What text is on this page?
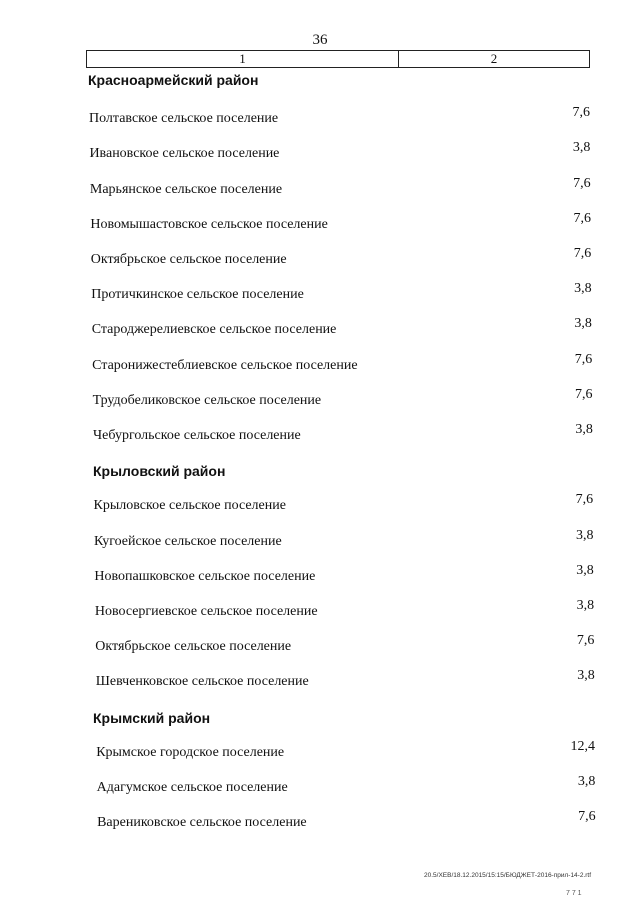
36
1	2
Красноармейский район
Полтавское сельское поселение	7,6
Ивановское сельское поселение	3,8
Марьянское сельское поселение	7,6
Новомышастовское сельское поселение	7,6
Октябрьское сельское поселение	7,6
Протичкинское сельское поселение	3,8
Староджерелиевское сельское поселение	3,8
Старонижестеблиевское сельское поселение	7,6
Трудобеликовское сельское поселение	7,6
Чебургольское сельское поселение	3,8
Крыловский район
Крыловское сельское поселение	7,6
Кугоейское сельское поселение	3,8
Новопашковское сельское поселение	3,8
Новосергиевское сельское поселение	3,8
Октябрьское сельское поселение	7,6
Шевченковское сельское поселение	3,8
Крымский район
Крымское городское поселение	12,4
Адагумское сельское поселение	3,8
Варениковское сельское поселение	7,6
20.5/ХЕВ/18.12.2015/15:15/БЮДЖЕТ-2016-прил-14-2.rtf
7 7 1
